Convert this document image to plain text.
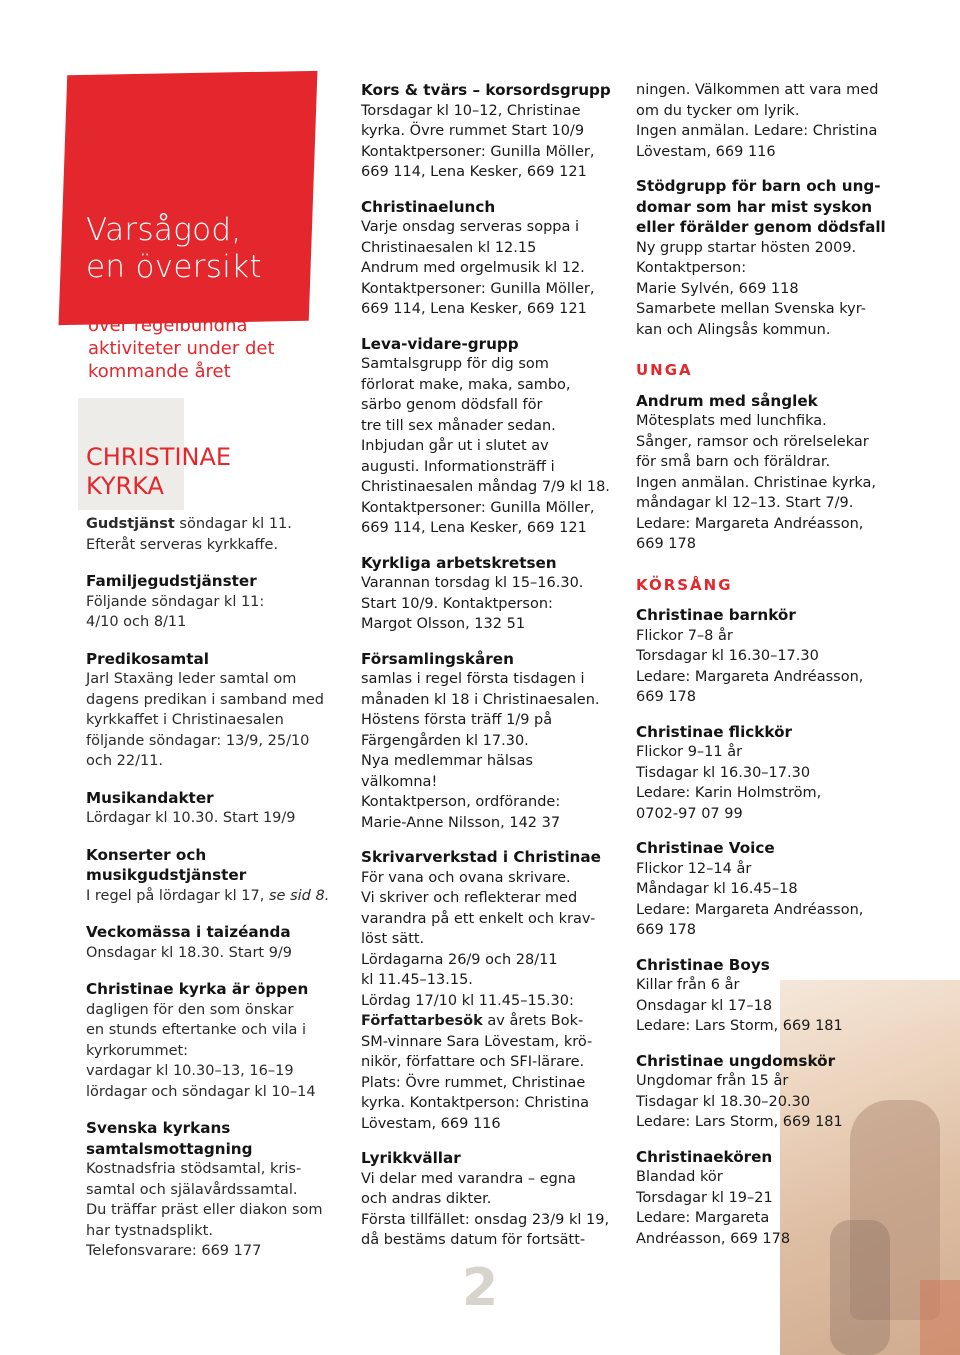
Varsågod,
en översikt
över regelbundna
aktiviteter under det
kommande året
CHRISTINAE
KYRKA

Gudstjänst söndagar kl 11.
Efteråt serveras kyrkkaffe.

Familjegudstjänster

Följande söndagar kl 11:
4/10 och 8/11

Predikosamtal

Jarl Staxäng leder samtal om
dagens predikan i samband med
kyrkkaffet i Christinaesalen
följande söndagar: 13/9, 25/10
och 22/11.

Musikandakter

Lördagar kl 10.30. Start 19/9

Konserter och
musikgudstjänster

I regel på lördagar kl 17, se sid 8.

Veckomässa i taizéanda

Onsdagar kl 18.30. Start 9/9

Christinae kyrka är öppen

dagligen för den som önskar
en stunds eftertanke och vila i
kyrkorummet:
vardagar kl 10.30–13, 16–19
lördagar och söndagar kl 10–14

Svenska kyrkans
samtalsmottagning

Kostnadsfria stödsamtal, kris-
samtal och själavårdssamtal.
Du träffar präst eller diakon som
har tystnadsplikt.
Telefonsvarare: 669 177

Kors & tvärs – korsordsgrupp

Torsdagar kl 10–12, Christinae
kyrka. Övre rummet Start 10/9
Kontaktpersoner: Gunilla Möller,
669 114, Lena Kesker, 669 121

Christinaelunch

Varje onsdag serveras soppa i
Christinaesalen kl 12.15
Andrum med orgelmusik kl 12.
Kontaktpersoner: Gunilla Möller,
669 114, Lena Kesker, 669 121

Leva-vidare-grupp

Samtalsgrupp för dig som
förlorat make, maka, sambo,
särbo genom dödsfall för
tre till sex månader sedan.
Inbjudan går ut i slutet av
augusti. Informationsträff i
Christinaesalen måndag 7/9 kl 18.
Kontaktpersoner: Gunilla Möller,
669 114, Lena Kesker, 669 121

Kyrkliga arbetskretsen

Varannan torsdag kl 15–16.30.
Start 10/9. Kontaktperson:
Margot Olsson, 132 51

Församlingskåren

samlas i regel första tisdagen i
månaden kl 18 i Christinaesalen.
Höstens första träff 1/9 på
Färgengården kl 17.30.
Nya medlemmar hälsas
välkomna!
Kontaktperson, ordförande:
Marie-Anne Nilsson, 142 37

Skrivarverkstad i Christinae

För vana och ovana skrivare.
Vi skriver och reflekterar med
varandra på ett enkelt och krav-
löst sätt.
Lördagarna 26/9 och 28/11
kl 11.45–13.15.
Lördag 17/10 kl 11.45–15.30:
Författarbesök av årets Bok-
SM-vinnare Sara Lövestam, krö-
nikör, författare och SFI-lärare.
Plats: Övre rummet, Christinae
kyrka. Kontaktperson: Christina
Lövestam, 669 116

Lyrikkvällar

Vi delar med varandra – egna
och andras dikter.
Första tillfället: onsdag 23/9 kl 19,
då bestäms datum för fortsätt-

ningen. Välkommen att vara med
om du tycker om lyrik.
Ingen anmälan. Ledare: Christina
Lövestam, 669 116

Stödgrupp för barn och ung-
domar som har mist syskon
eller förälder genom dödsfall

Ny grupp startar hösten 2009.
Kontaktperson:
Marie Sylvén, 669 118
Samarbete mellan Svenska kyr-
kan och Alingsås kommun.

UNGA
Andrum med sånglek

Mötesplats med lunchfika.
Sånger, ramsor och rörelselekar
för små barn och föräldrar.
Ingen anmälan. Christinae kyrka,
måndagar kl 12–13. Start 7/9.
Ledare: Margareta Andréasson,
669 178

KÖRSÅNG
Christinae barnkör

Flickor 7–8 år
Torsdagar kl 16.30–17.30
Ledare: Margareta Andréasson,
669 178

Christinae flickkör

Flickor 9–11 år
Tisdagar kl 16.30–17.30
Ledare: Karin Holmström,
0702-97 07 99

Christinae Voice

Flickor 12–14 år
Måndagar kl 16.45–18
Ledare: Margareta Andréasson,
669 178

Christinae Boys

Killar från 6 år
Onsdagar kl 17–18
Ledare: Lars Storm, 669 181

Christinae ungdomskör

Ungdomar från 15 år
Tisdagar kl 18.30–20.30
Ledare: Lars Storm, 669 181

Christinaekören

Blandad kör
Torsdagar kl 19–21
Ledare: Margareta
Andréasson, 669 178

2
